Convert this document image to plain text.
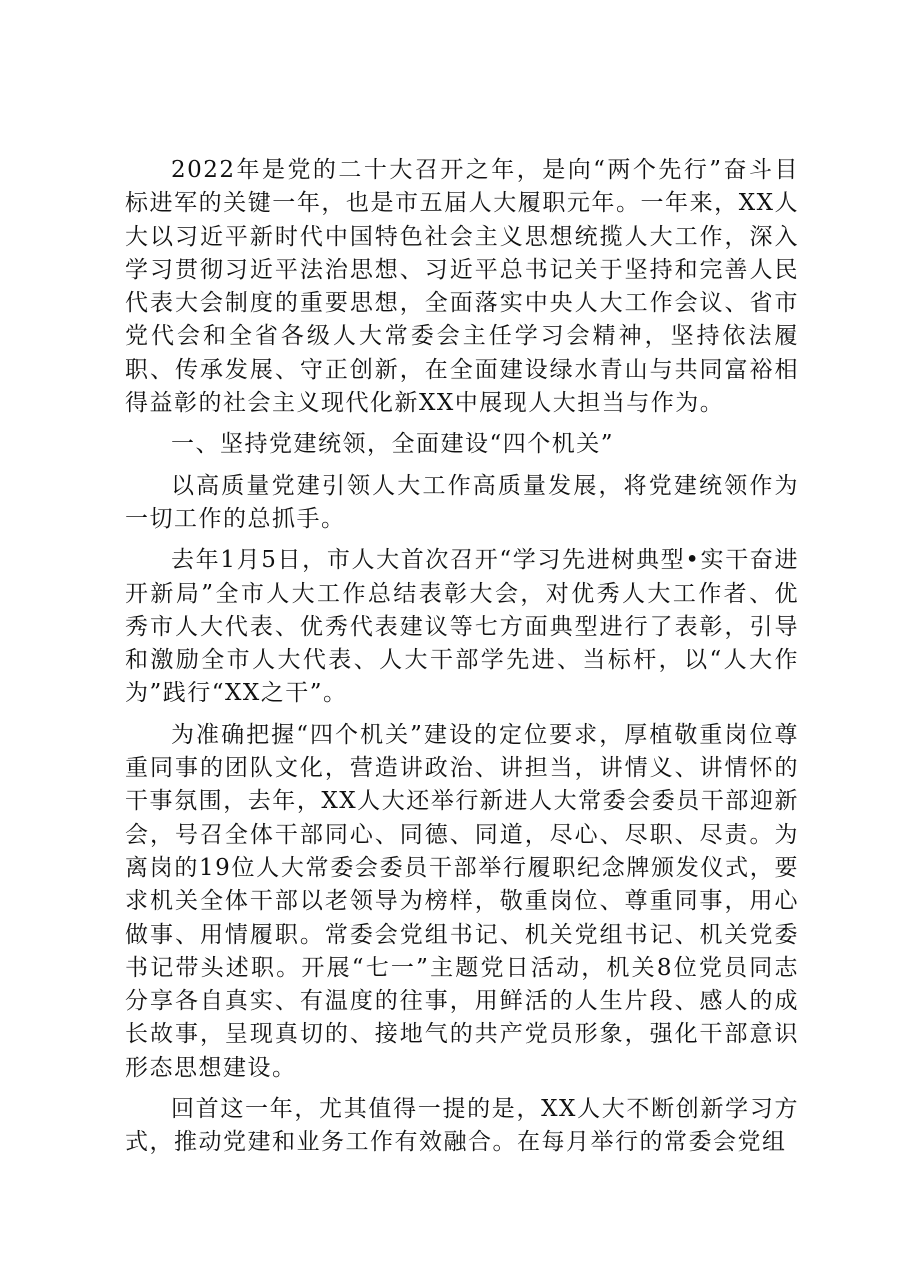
2022年是党的二十大召开之年，是向“两个先行”奋斗目标进军的关键一年，也是市五届人大履职元年。一年来，XX人大以习近平新时代中国特色社会主义思想统揽人大工作，深入学习贯彻习近平法治思想、习近平总书记关于坚持和完善人民代表大会制度的重要思想，全面落实中央人大工作会议、省市党代会和全省各级人大常委会主任学习会精神，坚持依法履职、传承发展、守正创新，在全面建设绿水青山与共同富裕相得益彰的社会主义现代化新XX中展现人大担当与作为。

一、坚持党建统领，全面建设“四个机关”

以高质量党建引领人大工作高质量发展，将党建统领作为一切工作的总抓手。

去年1月5日，市人大首次召开“学习先进树典型•实干奋进开新局”全市人大工作总结表彰大会，对优秀人大工作者、优秀市人大代表、优秀代表建议等七方面典型进行了表彰，引导和激励全市人大代表、人大干部学先进、当标杆，以“人大作为”践行“XX之干”。

为准确把握“四个机关”建设的定位要求，厚植敬重岗位尊重同事的团队文化，营造讲政治、讲担当，讲情义、讲情怀的干事氛围，去年，XX人大还举行新进人大常委会委员干部迎新会，号召全体干部同心、同德、同道，尽心、尽职、尽责。为离岗的19位人大常委会委员干部举行履职纪念牌颁发仪式，要求机关全体干部以老领导为榜样，敬重岗位、尊重同事，用心做事、用情履职。常委会党组书记、机关党组书记、机关党委书记带头述职。开展“七一”主题党日活动，机关8位党员同志分享各自真实、有温度的往事，用鲜活的人生片段、感人的成长故事，呈现真切的、接地气的共产党员形象，强化干部意识形态思想建设。

回首这一年，尤其值得一提的是，XX人大不断创新学习方式，推动党建和业务工作有效融合。在每月举行的常委会党组
